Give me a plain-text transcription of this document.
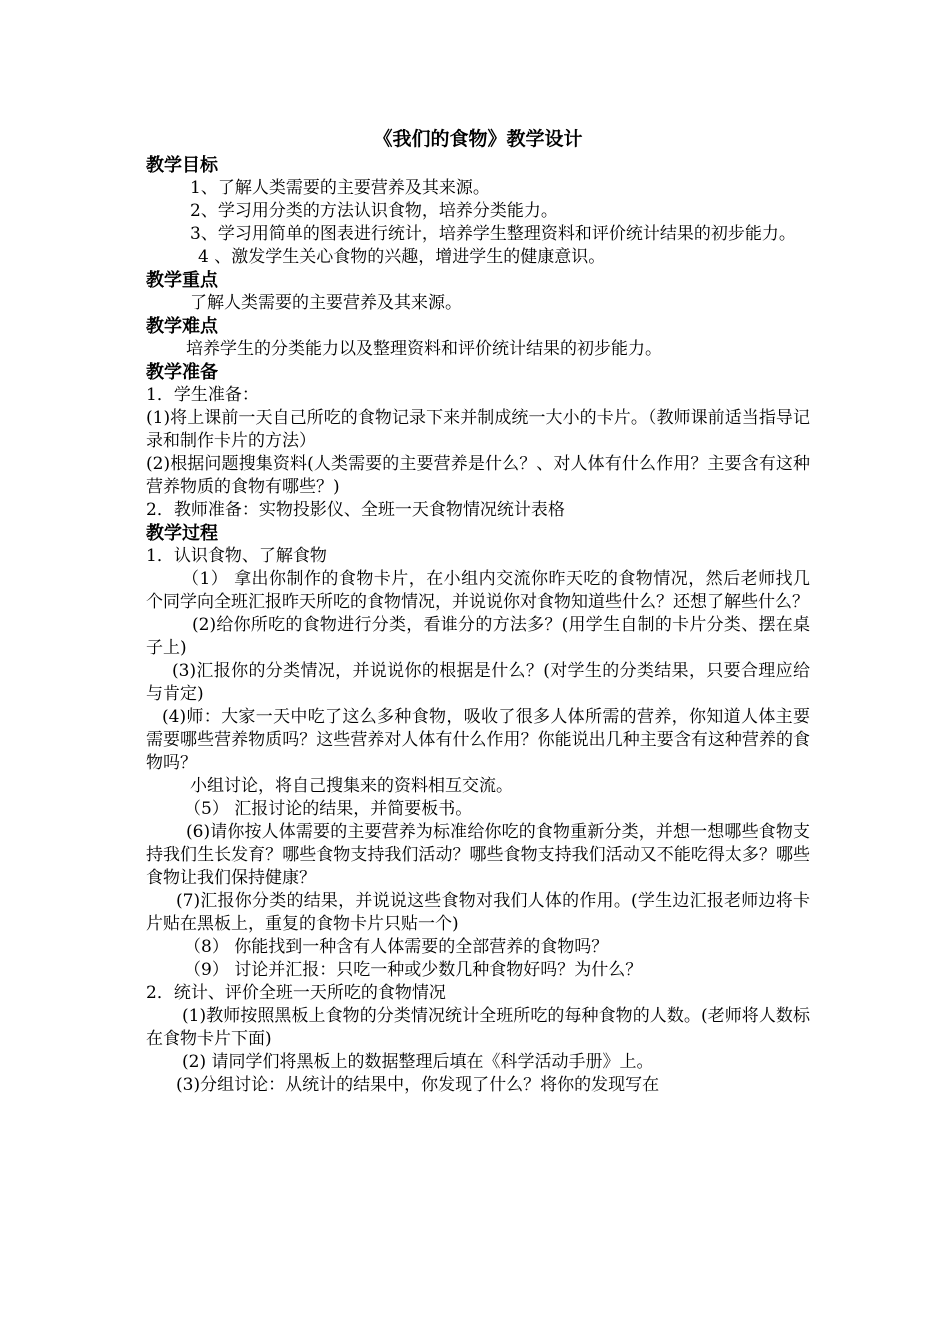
《我们的食物》教学设计
教学目标
1、了解人类需要的主要营养及其来源。
2、学习用分类的方法认识食物，培养分类能力。
3、学习用简单的图表进行统计，培养学生整理资料和评价统计结果的初步能力。
4 、激发学生关心食物的兴趣，增进学生的健康意识。
教学重点
了解人类需要的主要营养及其来源。
教学难点
培养学生的分类能力以及整理资料和评价统计结果的初步能力。
教学准备
1．学生准备：
(1)将上课前一天自己所吃的食物记录下来并制成统一大小的卡片。（教师课前适当指导记录和制作卡片的方法）
(2)根据问题搜集资料(人类需要的主要营养是什么？、对人体有什么作用？主要含有这种营养物质的食物有哪些？)
2．教师准备：实物投影仪、全班一天食物情况统计表格
教学过程
1．认识食物、了解食物
（1） 拿出你制作的食物卡片，在小组内交流你昨天吃的食物情况，然后老师找几个同学向全班汇报昨天所吃的食物情况，并说说你对食物知道些什么？还想了解些什么？
(2)给你所吃的食物进行分类，看谁分的方法多？(用学生自制的卡片分类、摆在桌子上)
(3)汇报你的分类情况，并说说你的根据是什么？(对学生的分类结果，只要合理应给与肯定)
(4)师：大家一天中吃了这么多种食物，吸收了很多人体所需的营养，你知道人体主要需要哪些营养物质吗？这些营养对人体有什么作用？你能说出几种主要含有这种营养的食物吗？
小组讨论，将自己搜集来的资料相互交流。
（5） 汇报讨论的结果，并简要板书。
(6)请你按人体需要的主要营养为标准给你吃的食物重新分类，并想一想哪些食物支持我们生长发育？哪些食物支持我们活动？哪些食物支持我们活动又不能吃得太多？哪些食物让我们保持健康？
(7)汇报你分类的结果，并说说这些食物对我们人体的作用。(学生边汇报老师边将卡片贴在黑板上，重复的食物卡片只贴一个)
（8） 你能找到一种含有人体需要的全部营养的食物吗？
（9） 讨论并汇报：只吃一种或少数几种食物好吗？为什么？
2．统计、评价全班一天所吃的食物情况
(1)教师按照黑板上食物的分类情况统计全班所吃的每种食物的人数。(老师将人数标在食物卡片下面)
(2) 请同学们将黑板上的数据整理后填在《科学活动手册》上。
(3)分组讨论：从统计的结果中，你发现了什么？将你的发现写在
